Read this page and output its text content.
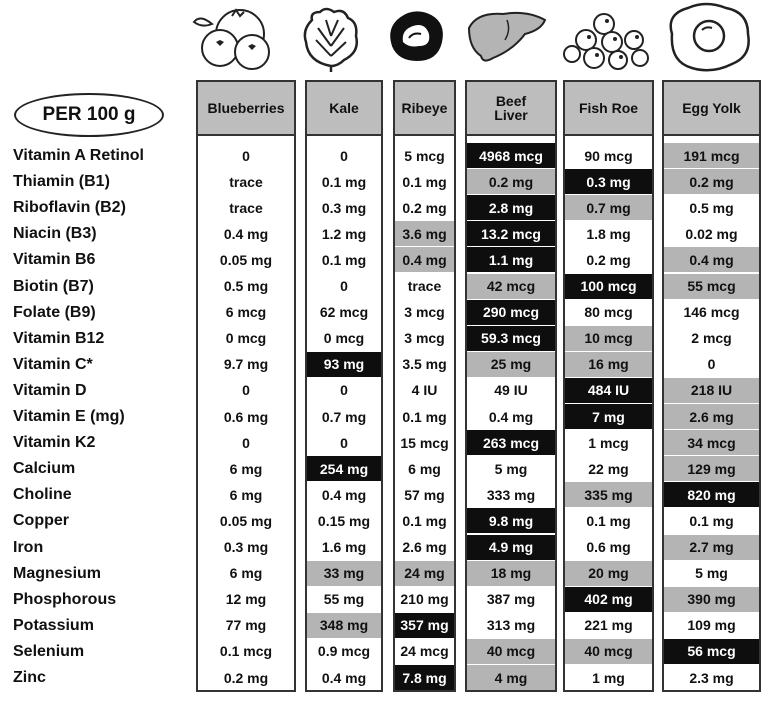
PER 100 g
Vitamin A Retinol
Thiamin (B1)
Riboflavin (B2)
Niacin (B3)
Vitamin B6
Biotin (B7)
Folate (B9)
Vitamin B12
Vitamin C*
Vitamin D
Vitamin E (mg)
Vitamin K2
Calcium
Choline
Copper
Iron
Magnesium
Phosphorous
Potassium
Selenium
Zinc
Blueberries
0
trace
trace
0.4 mg
0.05 mg
0.5 mg
6 mcg
0 mcg
9.7 mg
0
0.6 mg
0
6 mg
6 mg
0.05 mg
0.3 mg
6 mg
12 mg
77 mg
0.1 mcg
0.2 mg
Kale
0
0.1 mg
0.3 mg
1.2 mg
0.1 mg
0
62 mcg
0 mcg
93 mg
0
0.7 mg
0
254 mg
0.4 mg
0.15 mg
1.6 mg
33 mg
55 mg
348 mg
0.9 mcg
0.4 mg
Ribeye
5 mcg
0.1 mg
0.2 mg
3.6 mg
0.4 mg
trace
3 mcg
3 mcg
3.5 mg
4 IU
0.1 mg
15 mcg
6 mg
57 mg
0.1 mg
2.6 mg
24 mg
210 mg
357 mg
24 mcg
7.8 mg
Beef
Liver
4968 mcg
0.2 mg
2.8 mg
13.2 mcg
1.1 mg
42 mcg
290 mcg
59.3 mcg
25 mg
49 IU
0.4 mg
263 mcg
5 mg
333 mg
9.8 mg
4.9 mg
18 mg
387 mg
313 mg
40 mcg
4 mg
Fish Roe
90 mcg
0.3 mg
0.7 mg
1.8 mg
0.2 mg
100 mcg
80 mcg
10 mcg
16 mg
484 IU
7 mg
1 mcg
22 mg
335 mg
0.1 mg
0.6 mg
20 mg
402 mg
221 mg
40 mcg
1 mg
Egg Yolk
191 mcg
0.2 mg
0.5 mg
0.02 mg
0.4 mg
55 mcg
146 mcg
2 mcg
0
218 IU
2.6 mg
34 mcg
129 mg
820 mg
0.1 mg
2.7 mg
5 mg
390 mg
109 mg
56 mcg
2.3 mg
